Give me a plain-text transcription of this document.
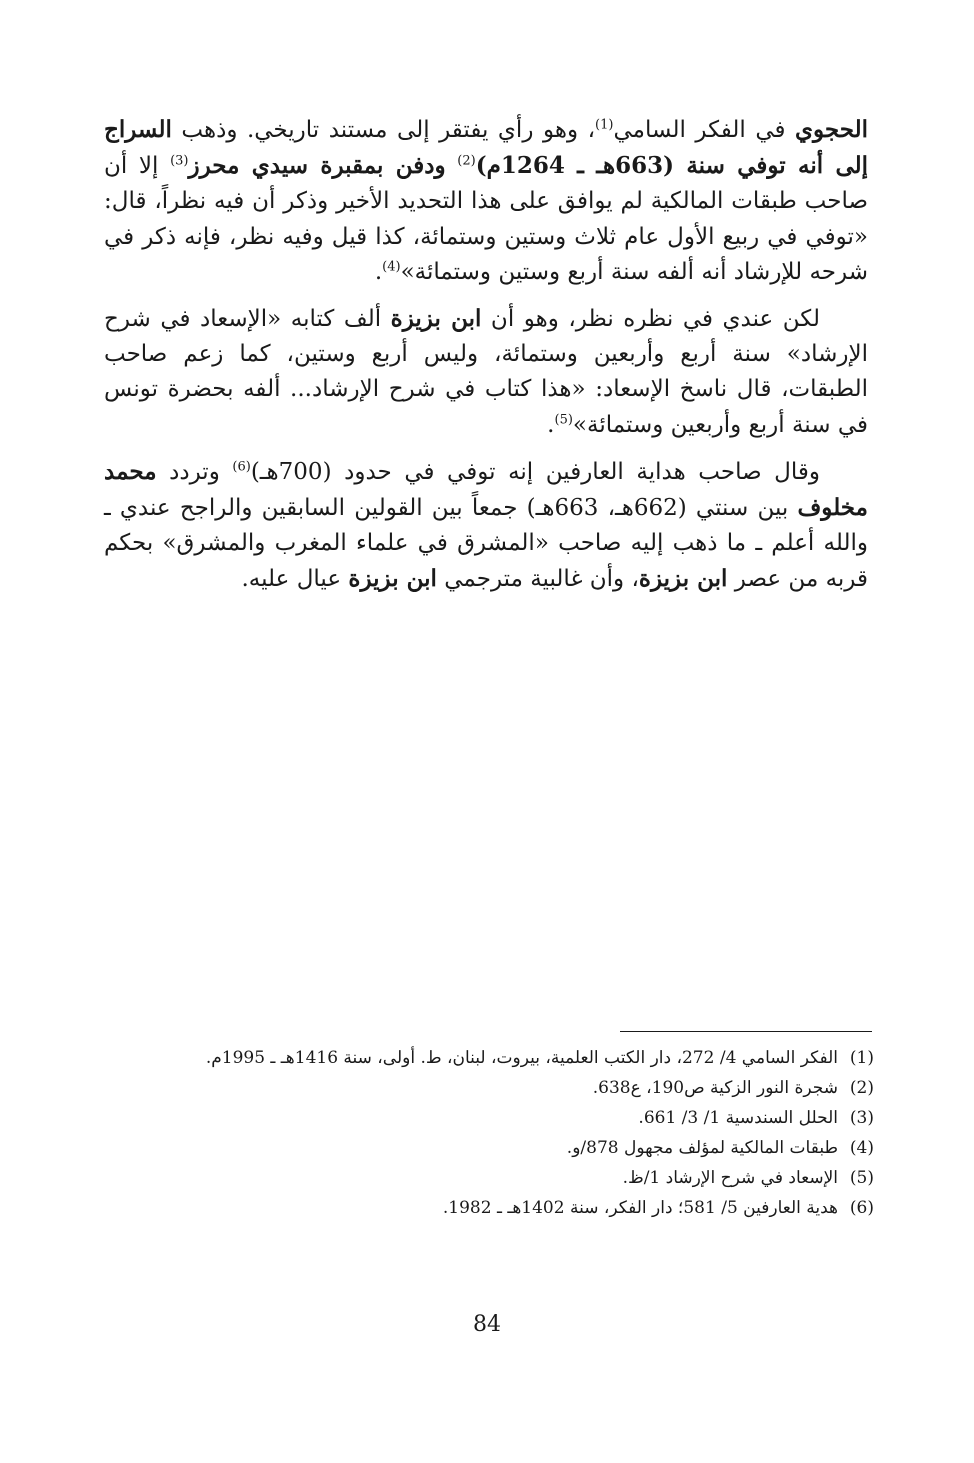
الحجوي في الفكر السامي$^{(1)}$، وهو رأي يفتقر إلى مستند تاريخي. وذهب السراج إلى أنه توفي سنة (663هـ ـ 1264م)$^{(2)}$ ودفن بمقبرة سيدي محرز$^{(3)}$ إلا أن صاحب طبقات المالكية لم يوافق على هذا التحديد الأخير وذكر أن فيه نظراً، قال: «توفي في ربيع الأول عام ثلاث وستين وستمائة، كذا قيل وفيه نظر، فإنه ذكر في شرحه للإرشاد أنه ألفه سنة أربع وستين وستمائة»$^{(4)}$.

لكن عندي في نظره نظر، وهو أن ابن بزيزة ألف كتابه «الإسعاد في شرح الإرشاد» سنة أربع وأربعين وستمائة، وليس أربع وستين، كما زعم صاحب الطبقات، قال ناسخ الإسعاد: «هذا كتاب في شرح الإرشاد... ألفه بحضرة تونس في سنة أربع وأربعين وستمائة»$^{(5)}$.

وقال صاحب هداية العارفين إنه توفي في حدود (700هـ)$^{(6)}$ وتردد محمد مخلوف بين سنتي (662هـ، 663هـ) جمعاً بين القولين السابقين والراجح عندي ـ والله أعلم ـ ما ذهب إليه صاحب «المشرق في علماء المغرب والمشرق» بحكم قربه من عصر ابن بزيزة، وأن غالبية مترجمي ابن بزيزة عيال عليه.

(1)
الفكر السامي 4/ 272، دار الكتب العلمية، بيروت، لبنان، ط. أولى، سنة 1416هـ ـ 1995م.
(2)
شجرة النور الزكية ص190، ع638.
(3)
الحلل السندسية 1/ 3/ 661.
(4)
طبقات المالكية لمؤلف مجهول 878/و.
(5)
الإسعاد في شرح الإرشاد 1/ظ.
(6)
هدية العارفين 5/ 581؛ دار الفكر، سنة 1402هـ ـ 1982.
84
